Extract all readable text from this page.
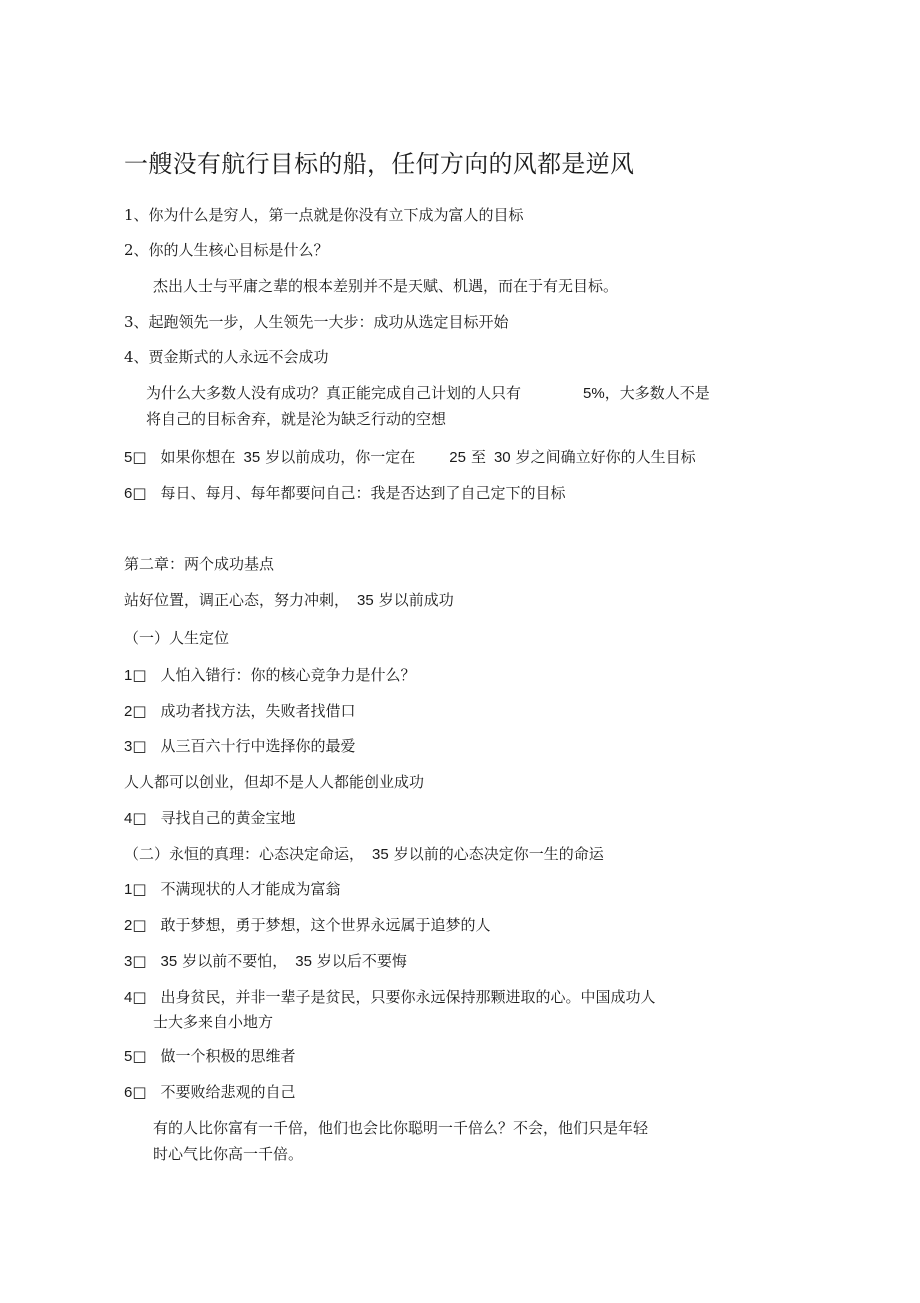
一艘没有航行目标的船，任何方向的风都是逆风
1、你为什么是穷人，第一点就是你没有立下成为富人的目标
2、你的人生核心目标是什么？
杰出人士与平庸之辈的根本差别并不是天赋、机遇，而在于有无目标。
3、起跑领先一步，人生领先一大步：成功从选定目标开始
4、贾金斯式的人永远不会成功
为什么大多数人没有成功？真正能完成自己计划的人只有	5%，大多数人不是
将自己的目标舍弃，就是沦为缺乏行动的空想
5□ 如果你想在 35 岁以前成功，你一定在 25 至 30 岁之间确立好你的人生目标
6□ 每日、每月、每年都要问自己：我是否达到了自己定下的目标
第二章：两个成功基点
站好位置，调正心态，努力冲刺， 35 岁以前成功
（一）人生定位
1□ 人怕入错行：你的核心竞争力是什么？
2□ 成功者找方法，失败者找借口
3□ 从三百六十行中选择你的最爱
人人都可以创业，但却不是人人都能创业成功
4□ 寻找自己的黄金宝地
（二）永恒的真理：心态决定命运， 35 岁以前的心态决定你一生的命运
1□ 不满现状的人才能成为富翁
2□ 敢于梦想，勇于梦想，这个世界永远属于追梦的人
3□ 35 岁以前不要怕， 35 岁以后不要悔
4□ 出身贫民，并非一辈子是贫民，只要你永远保持那颗进取的心。中国成功人
士大多来自小地方
5□ 做一个积极的思维者
6□ 不要败给悲观的自己
有的人比你富有一千倍，他们也会比你聪明一千倍么？不会，他们只是年轻
时心气比你高一千倍。
